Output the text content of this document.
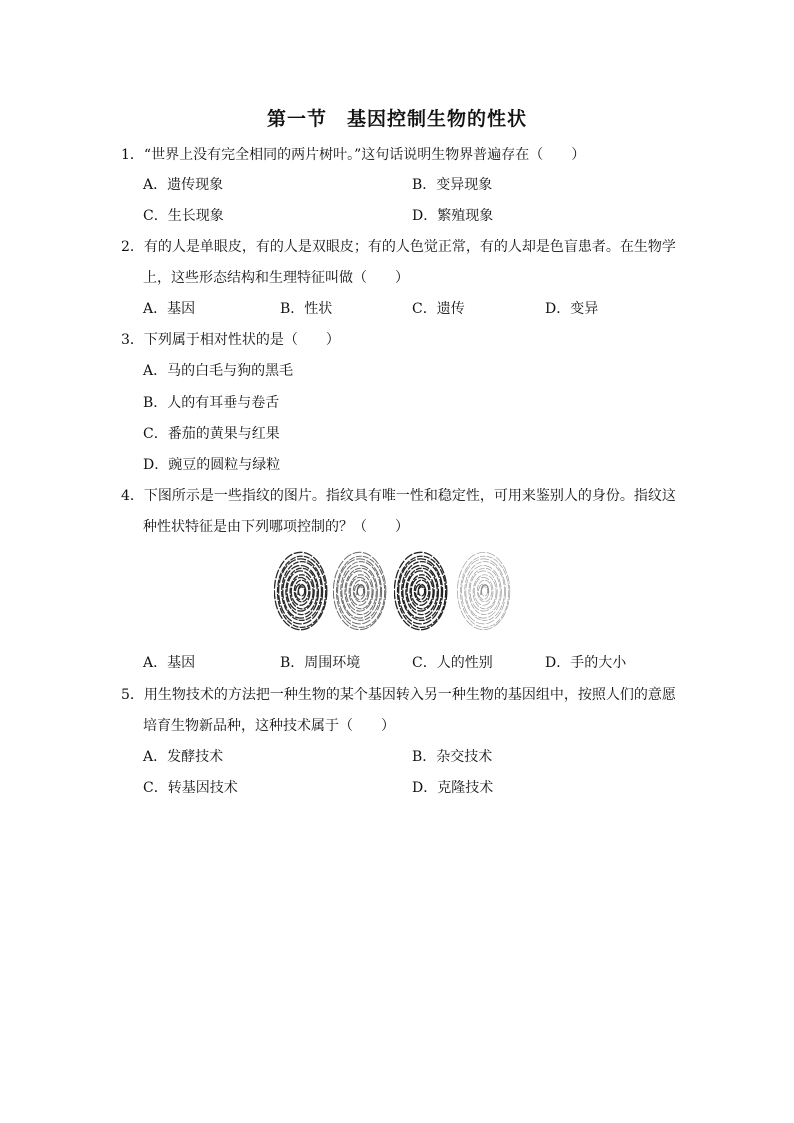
第一节　基因控制生物的性状
1．“世界上没有完全相同的两片树叶。”这句话说明生物界普遍存在（　　）
A．遗传现象	B．变异现象
C．生长现象	D．繁殖现象
2．有的人是单眼皮，有的人是双眼皮；有的人色觉正常，有的人却是色盲患者。在生物学
上，这些形态结构和生理特征叫做（　　）
A．基因	B．性状	C．遗传	D．变异
3．下列属于相对性状的是（　　）
A．马的白毛与狗的黑毛
B．人的有耳垂与卷舌
C．番茄的黄果与红果
D．豌豆的圆粒与绿粒
4．下图所示是一些指纹的图片。指纹具有唯一性和稳定性，可用来鉴别人的身份。指纹这
种性状特征是由下列哪项控制的？（　　）
A．基因	B．周围环境	C．人的性别	D．手的大小
5．用生物技术的方法把一种生物的某个基因转入另一种生物的基因组中，按照人们的意愿
培育生物新品种，这种技术属于（　　）
A．发酵技术	B．杂交技术
C．转基因技术	D．克隆技术
